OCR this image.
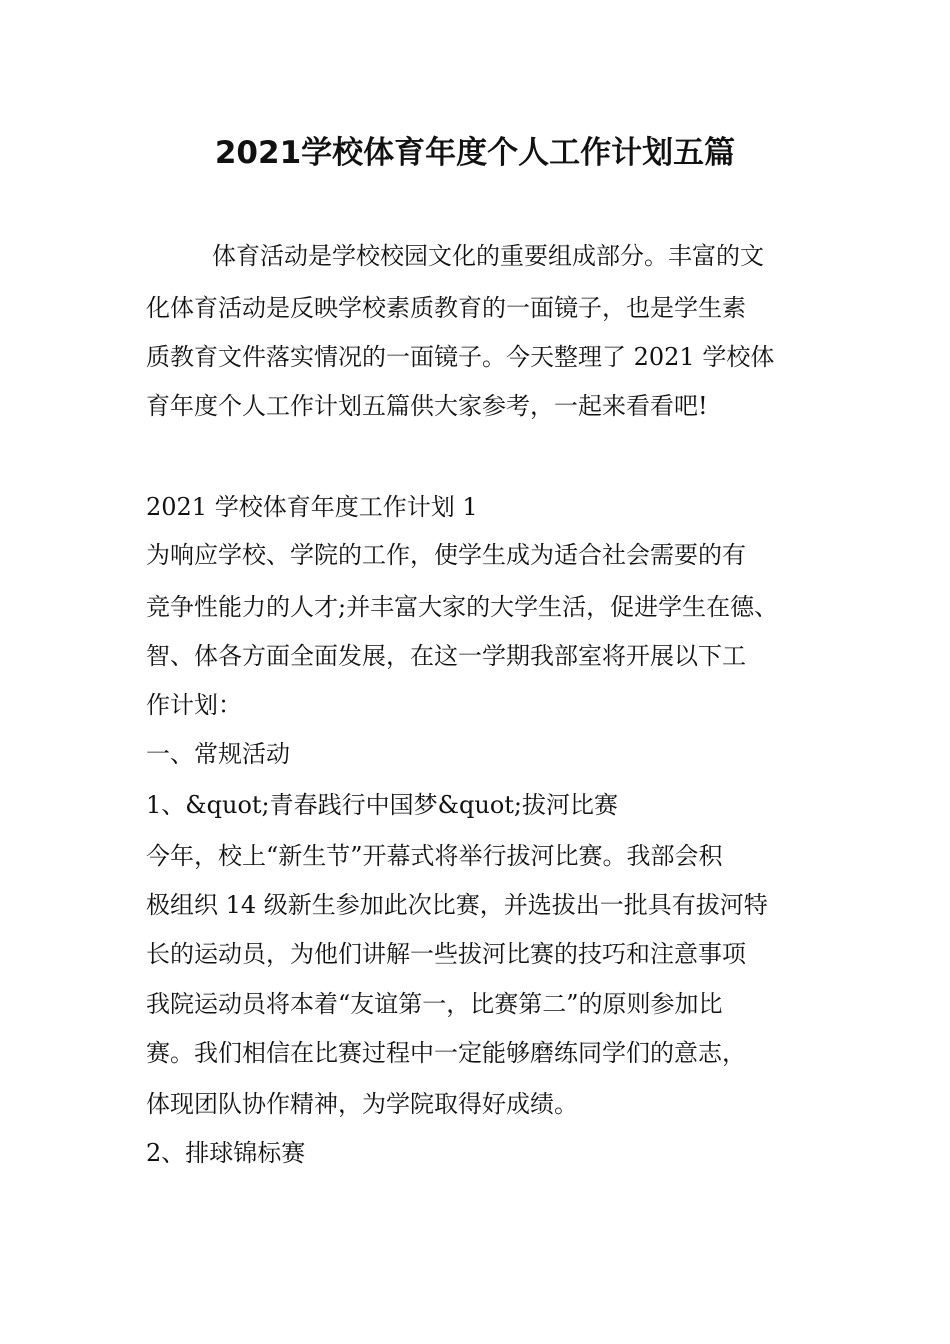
2021学校体育年度个人工作计划五篇
体育活动是学校校园文化的重要组成部分。丰富的文
化体育活动是反映学校素质教育的一面镜子，也是学生素
质教育文件落实情况的一面镜子。今天整理了 2021 学校体
育年度个人工作计划五篇供大家参考，一起来看看吧!
2021 学校体育年度工作计划 1
为响应学校、学院的工作，使学生成为适合社会需要的有
竞争性能力的人才;并丰富大家的大学生活，促进学生在德、
智、体各方面全面发展，在这一学期我部室将开展以下工
作计划：
一、常规活动
1、&quot;青春践行中国梦&quot;拔河比赛
今年，校上“新生节”开幕式将举行拔河比赛。我部会积
极组织 14 级新生参加此次比赛，并选拔出一批具有拔河特
长的运动员，为他们讲解一些拔河比赛的技巧和注意事项
我院运动员将本着“友谊第一，比赛第二”的原则参加比
赛。我们相信在比赛过程中一定能够磨练同学们的意志，
体现团队协作精神，为学院取得好成绩。
2、排球锦标赛
